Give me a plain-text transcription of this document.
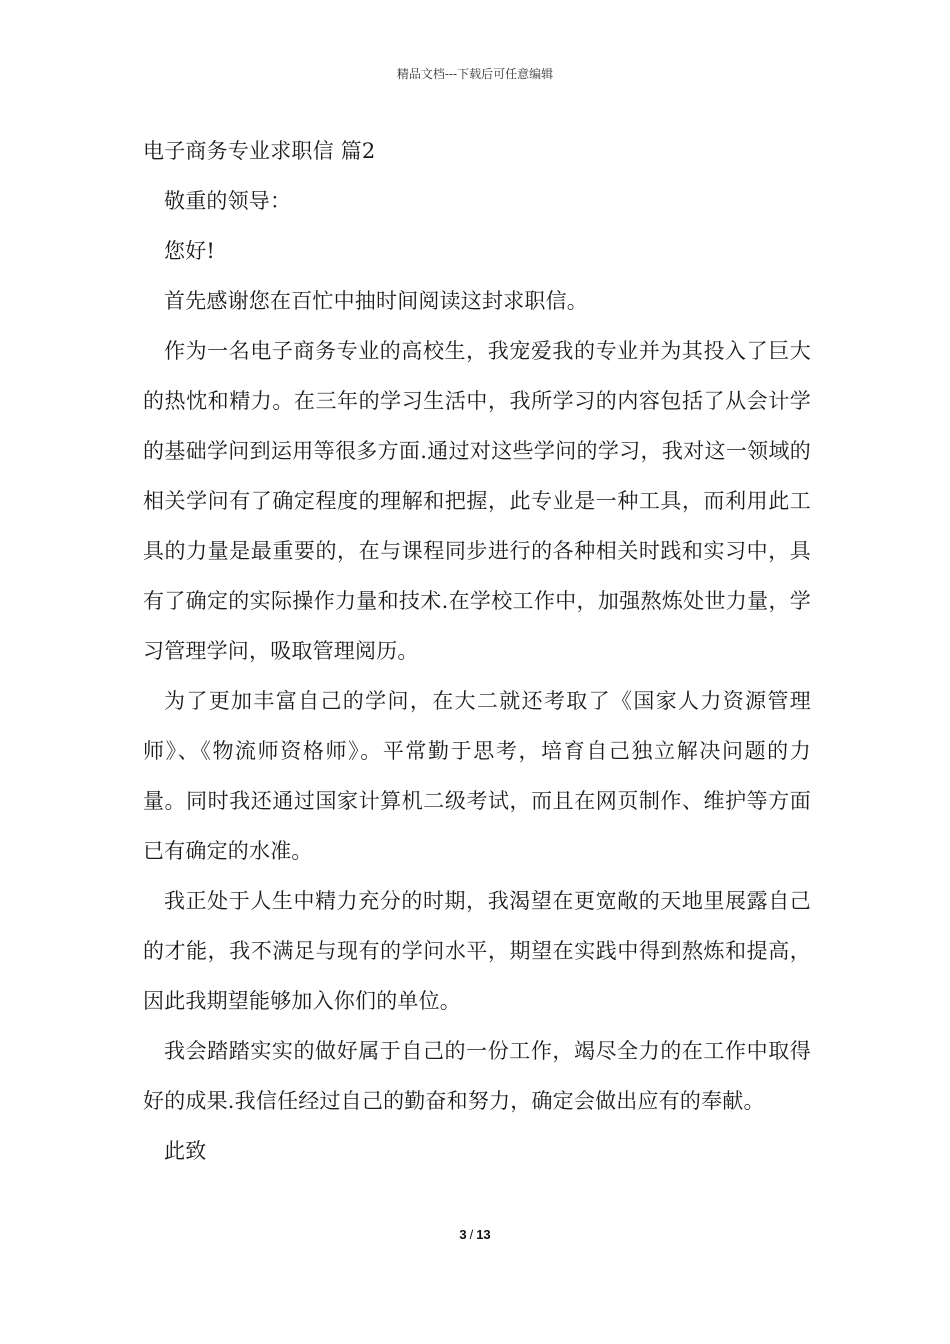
精品文档---下载后可任意编辑

电子商务专业求职信 篇2

敬重的领导：

您好!

首先感谢您在百忙中抽时间阅读这封求职信。

作为一名电子商务专业的高校生，我宠爱我的专业并为其投入了巨大的热忱和精力。在三年的学习生活中，我所学习的内容包括了从会计学的基础学问到运用等很多方面.通过对这些学问的学习，我对这一领域的相关学问有了确定程度的理解和把握，此专业是一种工具，而利用此工具的力量是最重要的，在与课程同步进行的各种相关时践和实习中，具有了确定的实际操作力量和技术.在学校工作中，加强熬炼处世力量，学习管理学问，吸取管理阅历。

为了更加丰富自己的学问，在大二就还考取了《国家人力资源管理师》、《物流师资格师》。平常勤于思考，培育自己独立解决问题的力量。同时我还通过国家计算机二级考试，而且在网页制作、维护等方面已有确定的水准。

我正处于人生中精力充分的时期，我渴望在更宽敞的天地里展露自己的才能，我不满足与现有的学问水平，期望在实践中得到熬炼和提高，因此我期望能够加入你们的单位。

我会踏踏实实的做好属于自己的一份工作，竭尽全力的在工作中取得好的成果.我信任经过自己的勤奋和努力，确定会做出应有的奉献。

此致

3 / 13
